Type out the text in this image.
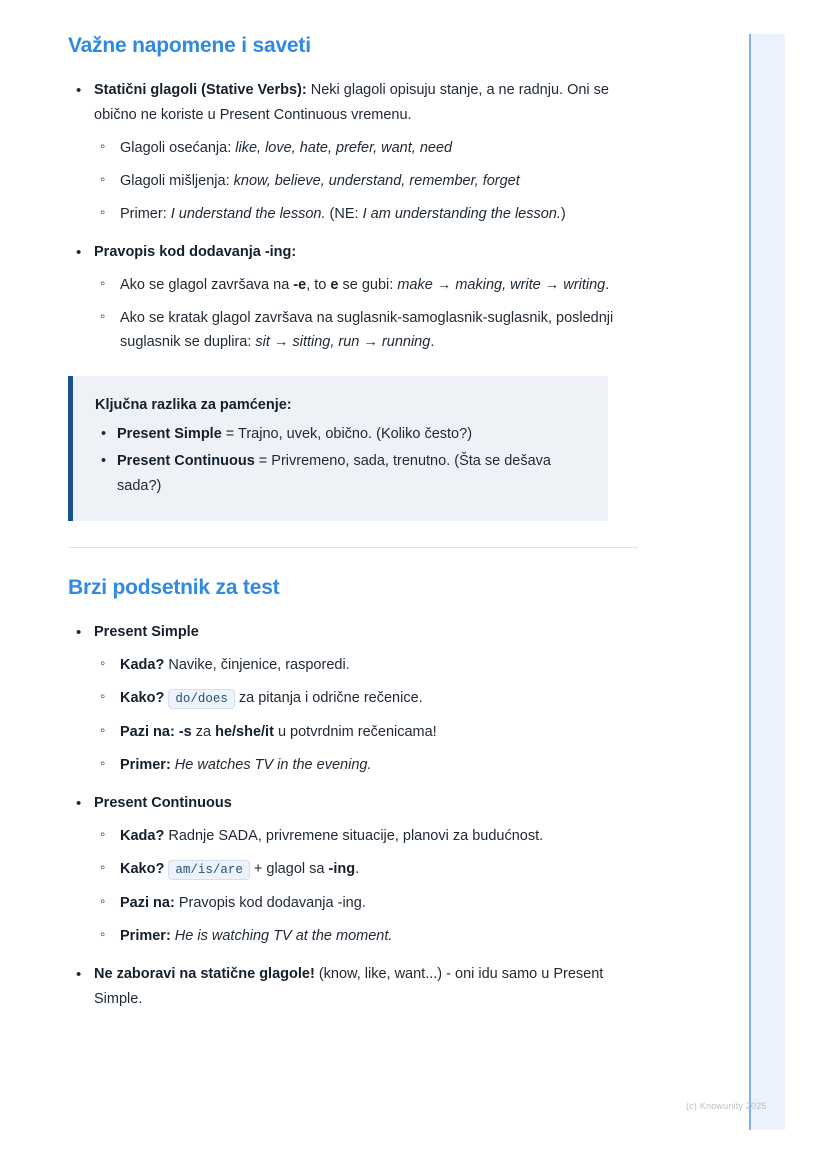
Važne napomene i saveti
• Statični glagoli (Stative Verbs): Neki glagoli opisuju stanje, a ne radnju. Oni se obično ne koriste u Present Continuous vremenu.
◦ Glagoli osećanja: like, love, hate, prefer, want, need
◦ Glagoli mišljenja: know, believe, understand, remember, forget
◦ Primer: I understand the lesson. (NE: I am understanding the lesson.)
• Pravopis kod dodavanja -ing:
◦ Ako se glagol završava na -e, to e se gubi: make → making, write → writing.
◦ Ako se kratak glagol završava na suglasnik-samoglasnik-suglasnik, poslednji suglasnik se duplira: sit → sitting, run → running.
Ključna razlika za pamćenje:
• Present Simple = Trajno, uvek, obično. (Koliko često?)
• Present Continuous = Privremeno, sada, trenutno. (Šta se dešava sada?)
Brzi podsetnik za test
• Present Simple
◦ Kada? Navike, činjenice, rasporedi.
◦ Kako? do/does za pitanja i odrične rečenice.
◦ Pazi na: -s za he/she/it u potvrdnim rečenicama!
◦ Primer: He watches TV in the evening.
• Present Continuous
◦ Kada? Radnje SADA, privremene situacije, planovi za budućnost.
◦ Kako? am/is/are + glagol sa -ing.
◦ Pazi na: Pravopis kod dodavanja -ing.
◦ Primer: He is watching TV at the moment.
• Ne zaboravi na statične glagole! (know, like, want...) - oni idu samo u Present Simple.
(c) Knowunity 2025
